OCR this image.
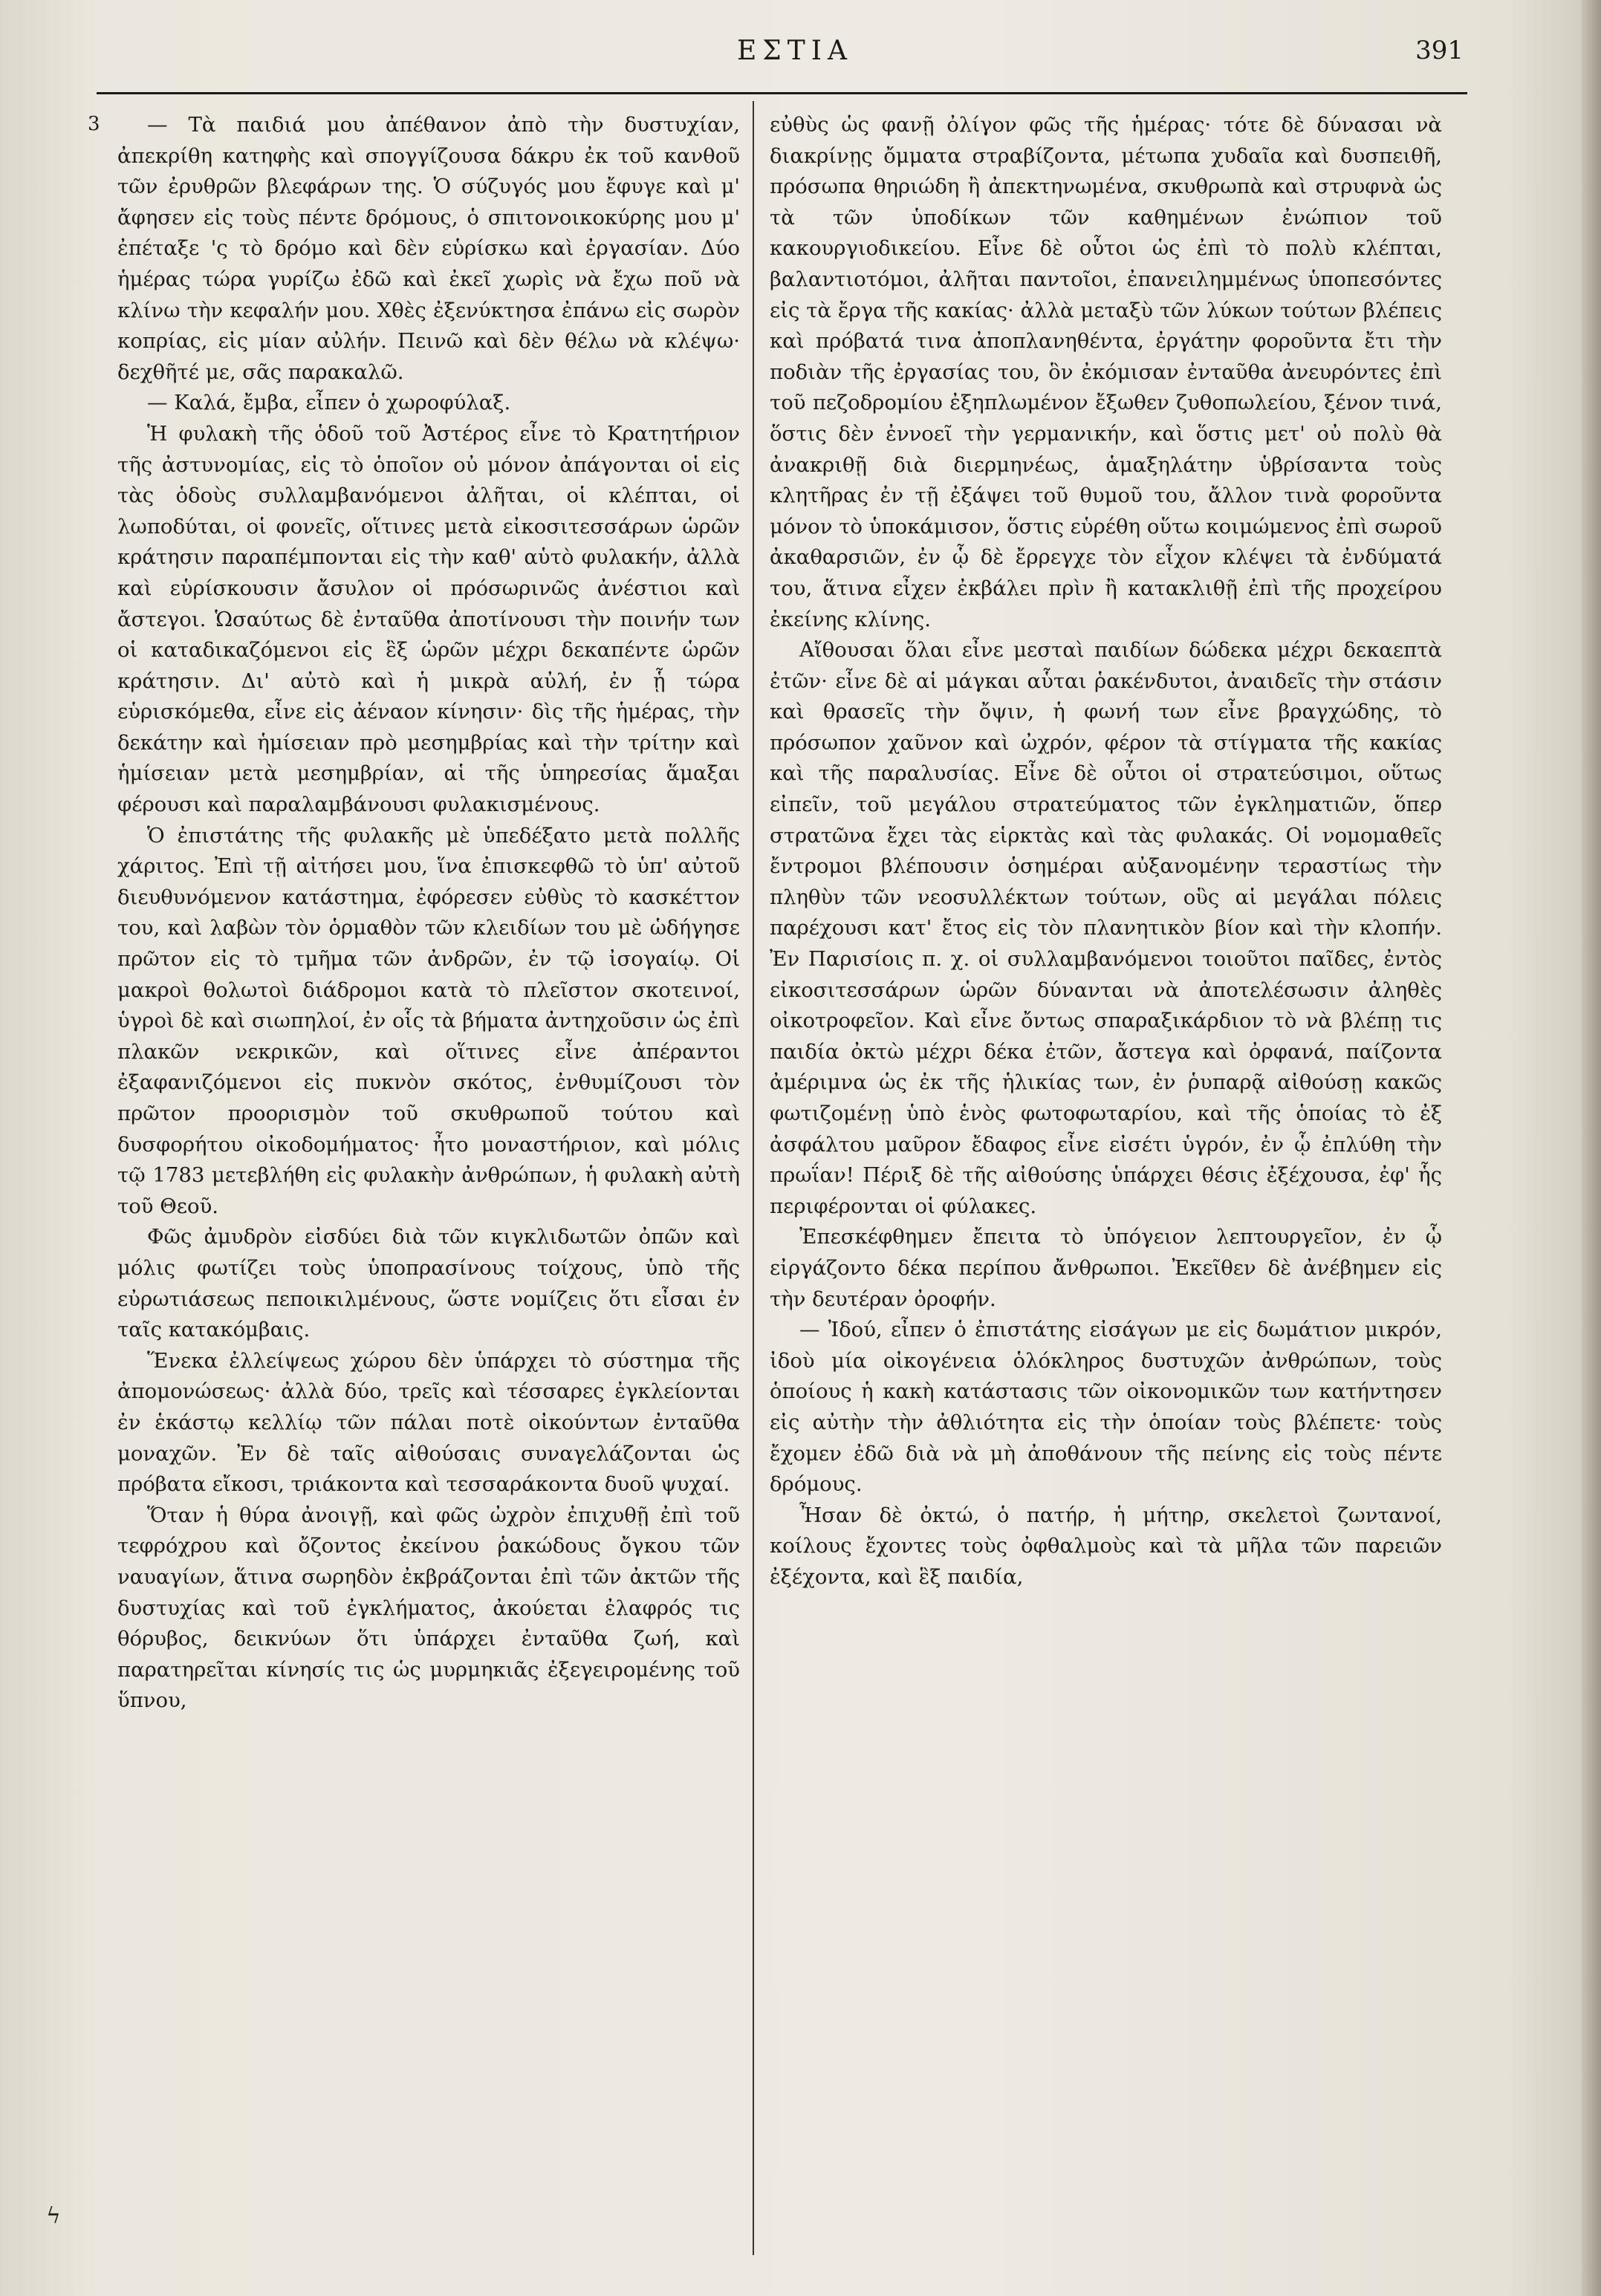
ΕΣΤΙΑ	391
3
ϟ

— Τὰ παιδιά μου ἀπέθανον ἀπὸ τὴν δυστυχίαν, ἀπεκρίθη κατηφὴς καὶ σπογγίζουσα δάκρυ ἐκ τοῦ κανθοῦ τῶν ἐρυθρῶν βλεφάρων της. Ὁ σύζυγός μου ἔφυγε καὶ μ' ἄφησεν εἰς τοὺς πέντε δρόμους, ὁ σπιτονοικοκύρης μου μ' ἐπέταξε 'ς τὸ δρόμο καὶ δὲν εὑρίσκω καὶ ἐργασίαν. Δύο ἡμέρας τώρα γυρίζω ἐδῶ καὶ ἐκεῖ χωρὶς νὰ ἔχω ποῦ νὰ κλίνω τὴν κεφαλήν μου. Χθὲς ἐξενύκτησα ἐπάνω εἰς σωρὸν κοπρίας, εἰς μίαν αὐλήν. Πεινῶ καὶ δὲν θέλω νὰ κλέψω· δεχθῆτέ με, σᾶς παρακαλῶ.

— Καλά, ἔμβα, εἶπεν ὁ χωροφύλαξ.

Ἡ φυλακὴ τῆς ὁδοῦ τοῦ Ἀστέρος εἶνε τὸ Κρατητήριον τῆς ἀστυνομίας, εἰς τὸ ὁποῖον οὐ μόνον ἀπάγονται οἱ εἰς τὰς ὁδοὺς συλλαμβανόμενοι ἀλῆται, οἱ κλέπται, οἱ λωποδύται, οἱ φονεῖς, οἵτινες μετὰ εἰκοσιτεσσάρων ὡρῶν κράτησιν παραπέμπονται εἰς τὴν καθ' αὑτὸ φυλακήν, ἀλλὰ καὶ εὑρίσκουσιν ἄσυλον οἱ πρόσωρινῶς ἀνέστιοι καὶ ἄστεγοι. Ὡσαύτως δὲ ἐνταῦθα ἀποτίνουσι τὴν ποινήν των οἱ καταδικαζόμενοι εἰς ἓξ ὡρῶν μέχρι δεκαπέντε ὡρῶν κράτησιν. Δι' αὐτὸ καὶ ἡ μικρὰ αὐλή, ἐν ᾗ τώρα εὑρισκόμεθα, εἶνε εἰς ἀέναον κίνησιν· δὶς τῆς ἡμέρας, τὴν δεκάτην καὶ ἡμίσειαν πρὸ μεσημβρίας καὶ τὴν τρίτην καὶ ἡμίσειαν μετὰ μεσημβρίαν, αἱ τῆς ὑπηρεσίας ἅμαξαι φέρουσι καὶ παραλαμβάνουσι φυλακισμένους.

Ὁ ἐπιστάτης τῆς φυλακῆς μὲ ὑπεδέξατο μετὰ πολλῆς χάριτος. Ἐπὶ τῇ αἰτήσει μου, ἵνα ἐπισκεφθῶ τὸ ὑπ' αὐτοῦ διευθυνόμενον κατάστημα, ἐφόρεσεν εὐθὺς τὸ κασκέττον του, καὶ λαβὼν τὸν ὁρμαθὸν τῶν κλειδίων του μὲ ὡδήγησε πρῶτον εἰς τὸ τμῆμα τῶν ἀνδρῶν, ἐν τῷ ἰσογαίῳ. Οἱ μακροὶ θολωτοὶ διάδρομοι κατὰ τὸ πλεῖστον σκοτεινοί, ὑγροὶ δὲ καὶ σιωπηλοί, ἐν οἷς τὰ βήματα ἀντηχοῦσιν ὡς ἐπὶ πλακῶν νεκρικῶν, καὶ οἵτινες εἶνε ἀπέραντοι ἐξαφανιζόμενοι εἰς πυκνὸν σκότος, ἐνθυμίζουσι τὸν πρῶτον προορισμὸν τοῦ σκυθρωποῦ τούτου καὶ δυσφορήτου οἰκοδομήματος· ἦτο μοναστήριον, καὶ μόλις τῷ 1783 μετεβλήθη εἰς φυλακὴν ἀνθρώπων, ἡ φυλακὴ αὐτὴ τοῦ Θεοῦ.

Φῶς ἀμυδρὸν εἰσδύει διὰ τῶν κιγκλιδωτῶν ὀπῶν καὶ μόλις φωτίζει τοὺς ὑποπρασίνους τοίχους, ὑπὸ τῆς εὐρωτιάσεως πεποικιλμένους, ὥστε νομίζεις ὅτι εἶσαι ἐν ταῖς κατακόμβαις.

Ἕνεκα ἐλλείψεως χώρου δὲν ὑπάρχει τὸ σύστημα τῆς ἀπομονώσεως· ἀλλὰ δύο, τρεῖς καὶ τέσσαρες ἐγκλείονται ἐν ἑκάστῳ κελλίῳ τῶν πάλαι ποτὲ οἰκούντων ἐνταῦθα μοναχῶν. Ἐν δὲ ταῖς αἰθούσαις συναγελάζονται ὡς πρόβατα εἴκοσι, τριάκοντα καὶ τεσσαράκοντα δυοῦ ψυχαί.

Ὅταν ἡ θύρα ἀνοιγῇ, καὶ φῶς ὠχρὸν ἐπιχυθῇ ἐπὶ τοῦ τεφρόχρου καὶ ὄζοντος ἐκείνου ῥακώδους ὄγκου τῶν ναυαγίων, ἅτινα σωρηδὸν ἐκβράζονται ἐπὶ τῶν ἀκτῶν τῆς δυστυχίας καὶ τοῦ ἐγκλήματος, ἀκούεται ἐλαφρός τις θόρυβος, δεικνύων ὅτι ὑπάρχει ἐνταῦθα ζωή, καὶ παρατηρεῖται κίνησίς τις ὡς μυρμηκιᾶς ἐξεγειρομένης τοῦ ὕπνου,

εὐθὺς ὡς φανῇ ὀλίγον φῶς τῆς ἡμέρας· τότε δὲ δύνασαι νὰ διακρίνῃς ὄμματα στραβίζοντα, μέτωπα χυδαῖα καὶ δυσπειθῆ, πρόσωπα θηριώδη ἢ ἀπεκτηνωμένα, σκυθρωπὰ καὶ στρυφνὰ ὡς τὰ τῶν ὑποδίκων τῶν καθημένων ἐνώπιον τοῦ κακουργιοδικείου. Εἶνε δὲ οὗτοι ὡς ἐπὶ τὸ πολὺ κλέπται, βαλαντιοτόμοι, ἀλῆται παντοῖοι, ἐπανειλημμένως ὑποπεσόντες εἰς τὰ ἔργα τῆς κακίας· ἀλλὰ μεταξὺ τῶν λύκων τούτων βλέπεις καὶ πρόβατά τινα ἀποπλανηθέντα, ἐργάτην φοροῦντα ἔτι τὴν ποδιὰν τῆς ἐργασίας του, ὃν ἐκόμισαν ἐνταῦθα ἀνευρόντες ἐπὶ τοῦ πεζοδρομίου ἐξηπλωμένον ἔξωθεν ζυθοπωλείου, ξένον τινά, ὅστις δὲν ἐννοεῖ τὴν γερμανικήν, καὶ ὅστις μετ' οὐ πολὺ θὰ ἀνακριθῇ διὰ διερμηνέως, ἁμαξηλάτην ὑβρίσαντα τοὺς κλητῆρας ἐν τῇ ἐξάψει τοῦ θυμοῦ του, ἄλλον τινὰ φοροῦντα μόνον τὸ ὑποκάμισον, ὅστις εὑρέθη οὕτω κοιμώμενος ἐπὶ σωροῦ ἀκαθαρσιῶν, ἐν ᾧ δὲ ἔρρεγχε τὸν εἶχον κλέψει τὰ ἐνδύματά του, ἅτινα εἶχεν ἐκβάλει πρὶν ἢ κατακλιθῇ ἐπὶ τῆς προχείρου ἐκείνης κλίνης.

Αἴθουσαι ὅλαι εἶνε μεσταὶ παιδίων δώδεκα μέχρι δεκαεπτὰ ἐτῶν· εἶνε δὲ αἱ μάγκαι αὗται ῥακένδυτοι, ἀναιδεῖς τὴν στάσιν καὶ θρασεῖς τὴν ὄψιν, ἡ φωνή των εἶνε βραγχώδης, τὸ πρόσωπον χαῦνον καὶ ὠχρόν, φέρον τὰ στίγματα τῆς κακίας καὶ τῆς παραλυσίας. Εἶνε δὲ οὗτοι οἱ στρατεύσιμοι, οὕτως εἰπεῖν, τοῦ μεγάλου στρατεύματος τῶν ἐγκληματιῶν, ὅπερ στρατῶνα ἔχει τὰς εἱρκτὰς καὶ τὰς φυλακάς. Οἱ νομομαθεῖς ἔντρομοι βλέπουσιν ὁσημέραι αὐξανομένην τεραστίως τὴν πληθὺν τῶν νεοσυλλέκτων τούτων, οὓς αἱ μεγάλαι πόλεις παρέχουσι κατ' ἔτος εἰς τὸν πλανητικὸν βίον καὶ τὴν κλοπήν. Ἐν Παρισίοις π. χ. οἱ συλλαμβανόμενοι τοιοῦτοι παῖδες, ἐντὸς εἰκοσιτεσσάρων ὡρῶν δύνανται νὰ ἀποτελέσωσιν ἀληθὲς οἰκοτροφεῖον. Καὶ εἶνε ὄντως σπαραξικάρδιον τὸ νὰ βλέπῃ τις παιδία ὀκτὼ μέχρι δέκα ἐτῶν, ἄστεγα καὶ ὀρφανά, παίζοντα ἀμέριμνα ὡς ἐκ τῆς ἡλικίας των, ἐν ῥυπαρᾷ αἰθούσῃ κακῶς φωτιζομένῃ ὑπὸ ἑνὸς φωτοφωταρίου, καὶ τῆς ὁποίας τὸ ἐξ ἀσφάλτου μαῦρον ἔδαφος εἶνε εἰσέτι ὑγρόν, ἐν ᾧ ἐπλύθη τὴν πρωΐαν! Πέριξ δὲ τῆς αἰθούσης ὑπάρχει θέσις ἐξέχουσα, ἐφ' ἧς περιφέρονται οἱ φύλακες.

Ἐπεσκέφθημεν ἔπειτα τὸ ὑπόγειον λεπτουργεῖον, ἐν ᾧ εἰργάζοντο δέκα περίπου ἄνθρωποι. Ἐκεῖθεν δὲ ἀνέβημεν εἰς τὴν δευτέραν ὀροφήν.

— Ἰδού, εἶπεν ὁ ἐπιστάτης εἰσάγων με εἰς δωμάτιον μικρόν, ἰδοὺ μία οἰκογένεια ὁλόκληρος δυστυχῶν ἀνθρώπων, τοὺς ὁποίους ἡ κακὴ κατάστασις τῶν οἰκονομικῶν των κατήντησεν εἰς αὐτὴν τὴν ἀθλιότητα εἰς τὴν ὁποίαν τοὺς βλέπετε· τοὺς ἔχομεν ἐδῶ διὰ νὰ μὴ ἀποθάνουν τῆς πείνης εἰς τοὺς πέντε δρόμους.

Ἦσαν δὲ ὀκτώ, ὁ πατήρ, ἡ μήτηρ, σκελετοὶ ζωντανοί, κοίλους ἔχοντες τοὺς ὀφθαλμοὺς καὶ τὰ μῆλα τῶν παρειῶν ἐξέχοντα, καὶ ἓξ παιδία,
